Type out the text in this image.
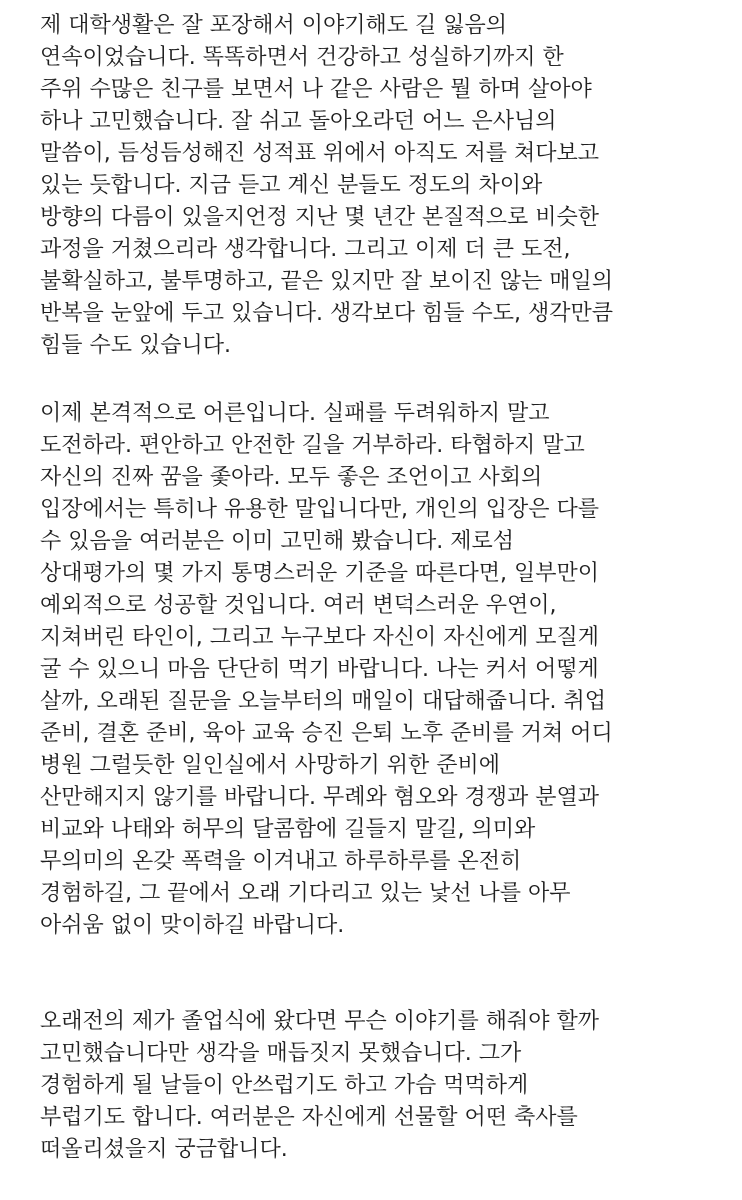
제 대학생활은 잘 포장해서 이야기해도 길 잃음의
연속이었습니다. 똑똑하면서 건강하고 성실하기까지 한
주위 수많은 친구를 보면서 나 같은 사람은 뭘 하며 살아야
하나 고민했습니다. 잘 쉬고 돌아오라던 어느 은사님의
말씀이, 듬성듬성해진 성적표 위에서 아직도 저를 쳐다보고
있는 듯합니다. 지금 듣고 계신 분들도 정도의 차이와
방향의 다름이 있을지언정 지난 몇 년간 본질적으로 비슷한
과정을 거쳤으리라 생각합니다. 그리고 이제 더 큰 도전,
불확실하고, 불투명하고, 끝은 있지만 잘 보이진 않는 매일의
반복을 눈앞에 두고 있습니다. 생각보다 힘들 수도, 생각만큼
힘들 수도 있습니다.
이제 본격적으로 어른입니다. 실패를 두려워하지 말고
도전하라. 편안하고 안전한 길을 거부하라. 타협하지 말고
자신의 진짜 꿈을 좇아라. 모두 좋은 조언이고 사회의
입장에서는 특히나 유용한 말입니다만, 개인의 입장은 다를
수 있음을 여러분은 이미 고민해 봤습니다. 제로섬
상대평가의 몇 가지 통명스러운 기준을 따른다면, 일부만이
예외적으로 성공할 것입니다. 여러 변덕스러운 우연이,
지쳐버린 타인이, 그리고 누구보다 자신이 자신에게 모질게
굴 수 있으니 마음 단단히 먹기 바랍니다. 나는 커서 어떻게
살까, 오래된 질문을 오늘부터의 매일이 대답해줍니다. 취업
준비, 결혼 준비, 육아 교육 승진 은퇴 노후 준비를 거쳐 어디
병원 그럴듯한 일인실에서 사망하기 위한 준비에
산만해지지 않기를 바랍니다. 무례와 혐오와 경쟁과 분열과
비교와 나태와 허무의 달콤함에 길들지 말길, 의미와
무의미의 온갖 폭력을 이겨내고 하루하루를 온전히
경험하길, 그 끝에서 오래 기다리고 있는 낯선 나를 아무
아쉬움 없이 맞이하길 바랍니다.
오래전의 제가 졸업식에 왔다면 무슨 이야기를 해줘야 할까
고민했습니다만 생각을 매듭짓지 못했습니다. 그가
경험하게 될 날들이 안쓰럽기도 하고 가슴 먹먹하게
부럽기도 합니다. 여러분은 자신에게 선물할 어떤 축사를
떠올리셨을지 궁금합니다.
